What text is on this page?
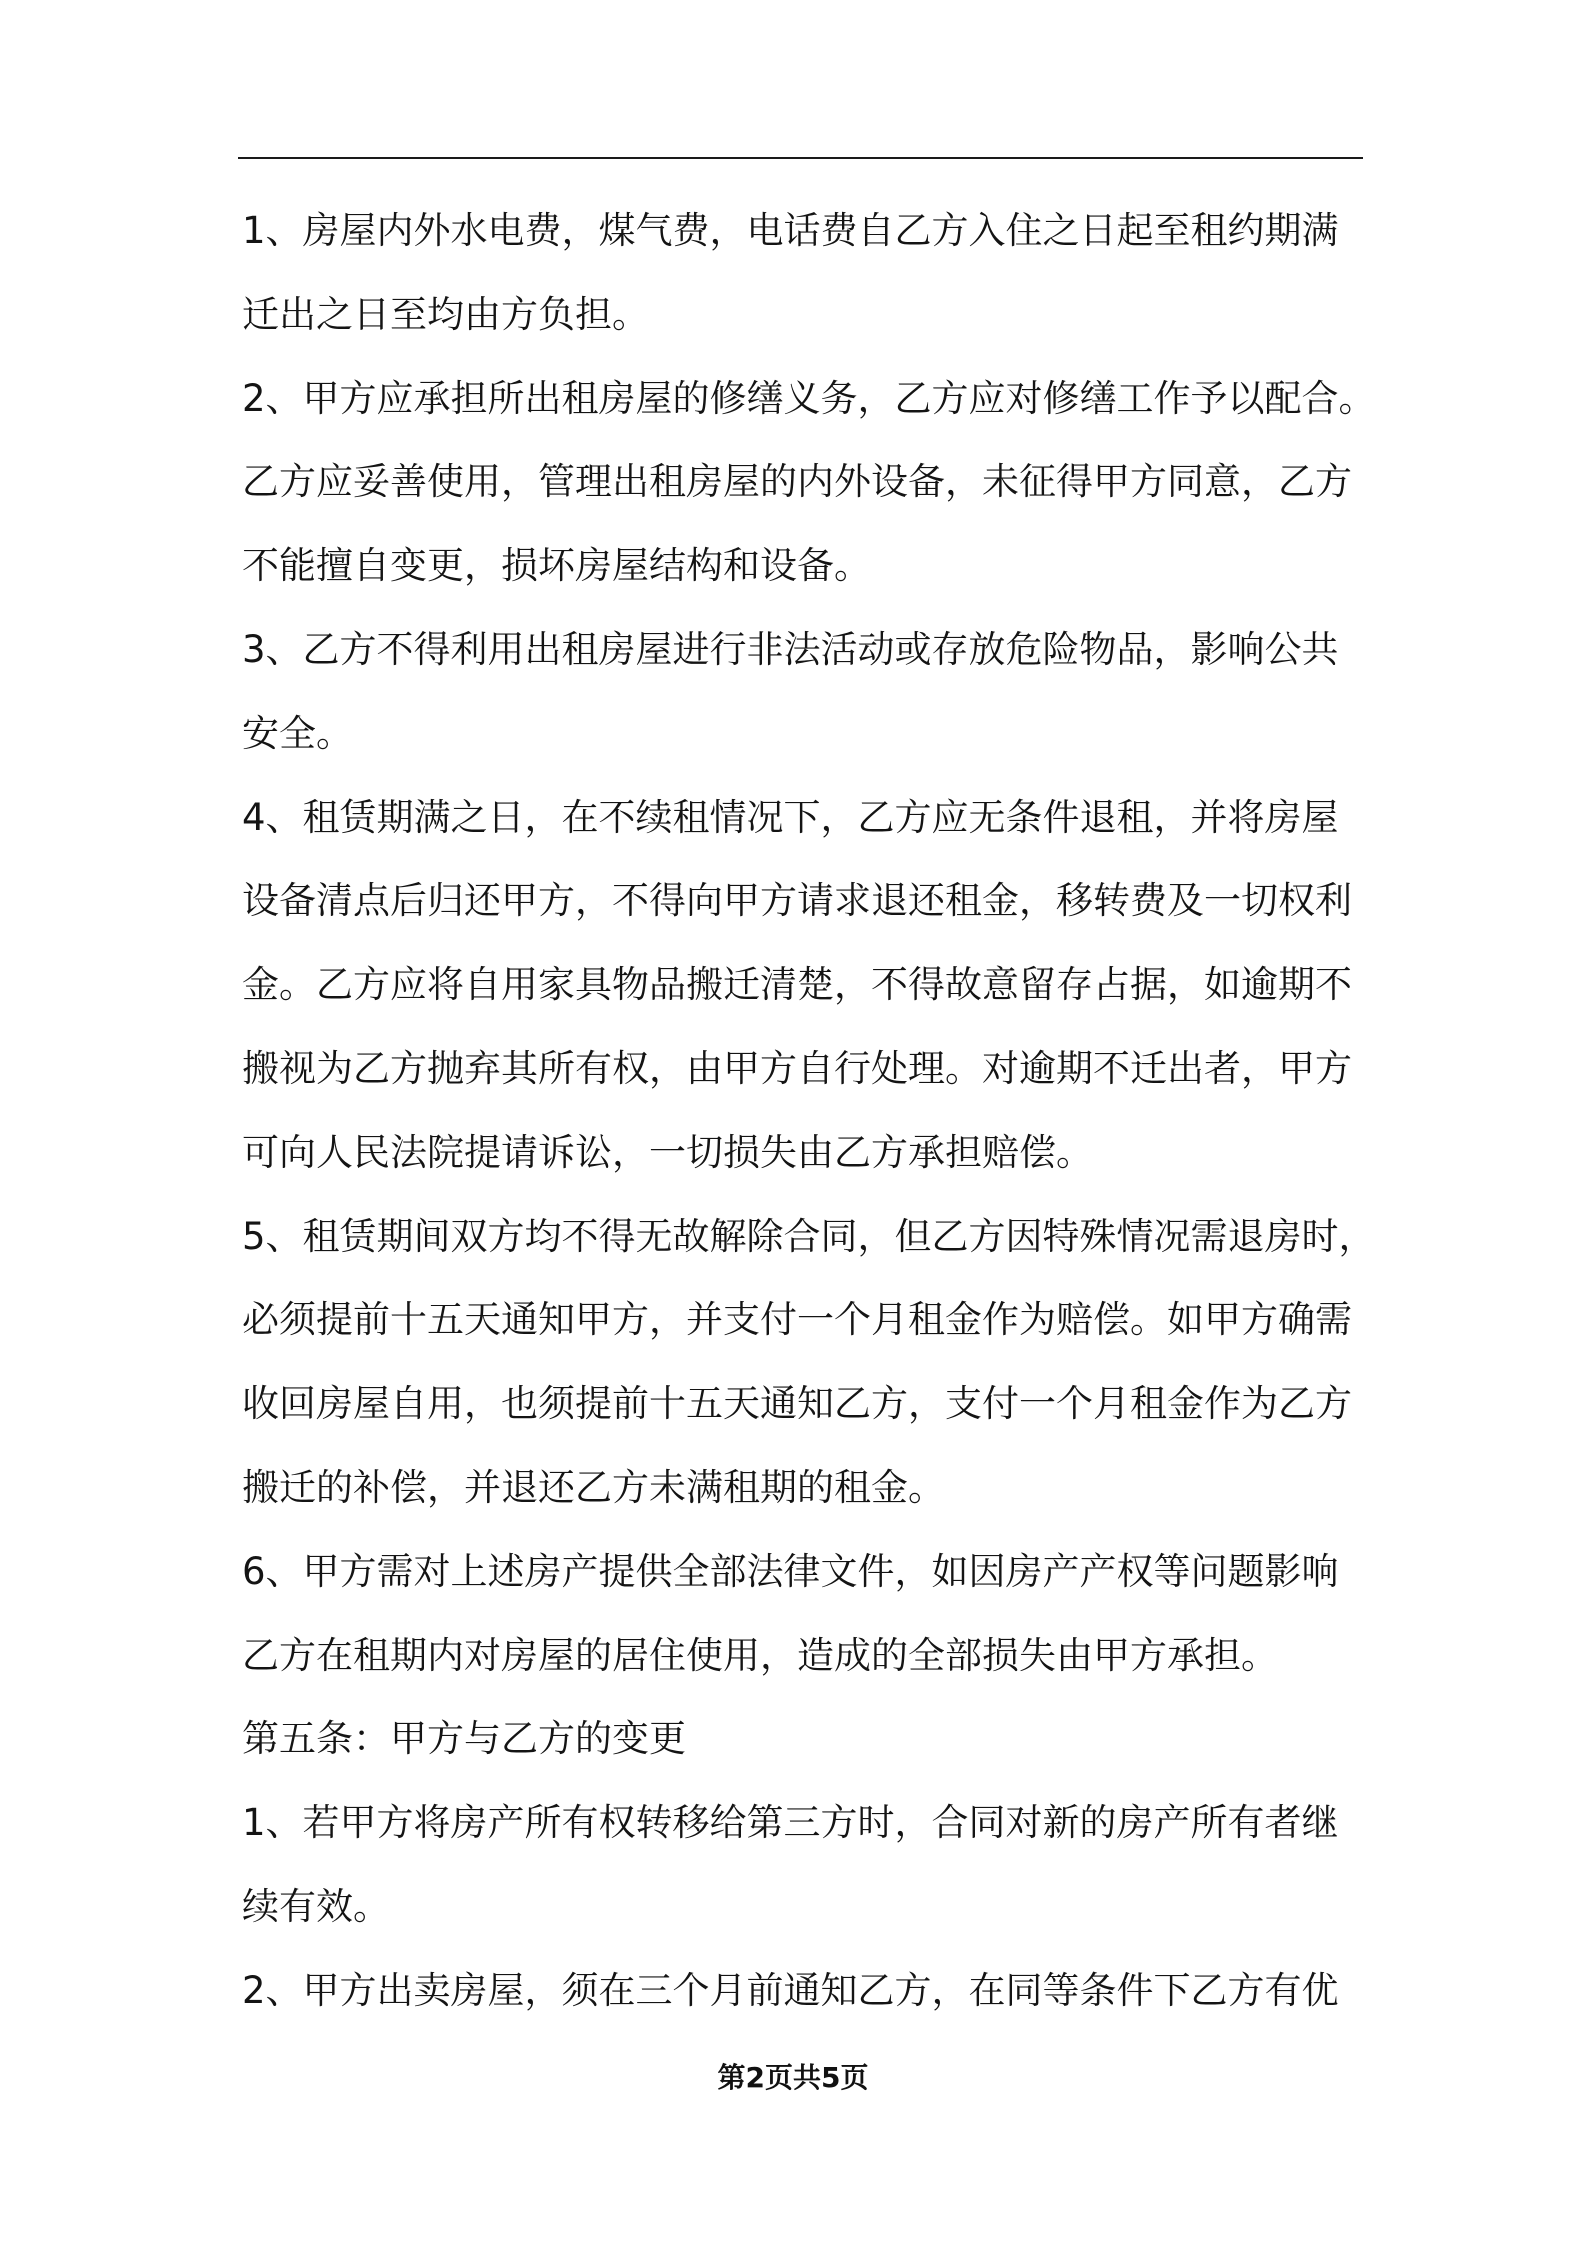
1、房屋内外水电费，煤气费，电话费自乙方入住之日起至租约期满
迁出之日至均由方负担。
2、甲方应承担所出租房屋的修缮义务，乙方应对修缮工作予以配合。
乙方应妥善使用，管理出租房屋的内外设备，未征得甲方同意，乙方
不能擅自变更，损坏房屋结构和设备。
3、乙方不得利用出租房屋进行非法活动或存放危险物品，影响公共
安全。
4、租赁期满之日，在不续租情况下，乙方应无条件退租，并将房屋
设备清点后归还甲方，不得向甲方请求退还租金，移转费及一切权利
金。乙方应将自用家具物品搬迁清楚，不得故意留存占据，如逾期不
搬视为乙方抛弃其所有权，由甲方自行处理。对逾期不迁出者，甲方
可向人民法院提请诉讼，一切损失由乙方承担赔偿。
5、租赁期间双方均不得无故解除合同，但乙方因特殊情况需退房时，
必须提前十五天通知甲方，并支付一个月租金作为赔偿。如甲方确需
收回房屋自用，也须提前十五天通知乙方，支付一个月租金作为乙方
搬迁的补偿，并退还乙方未满租期的租金。
6、甲方需对上述房产提供全部法律文件，如因房产产权等问题影响
乙方在租期内对房屋的居住使用，造成的全部损失由甲方承担。
第五条：甲方与乙方的变更
1、若甲方将房产所有权转移给第三方时，合同对新的房产所有者继
续有效。
2、甲方出卖房屋，须在三个月前通知乙方，在同等条件下乙方有优
第2页共5页
